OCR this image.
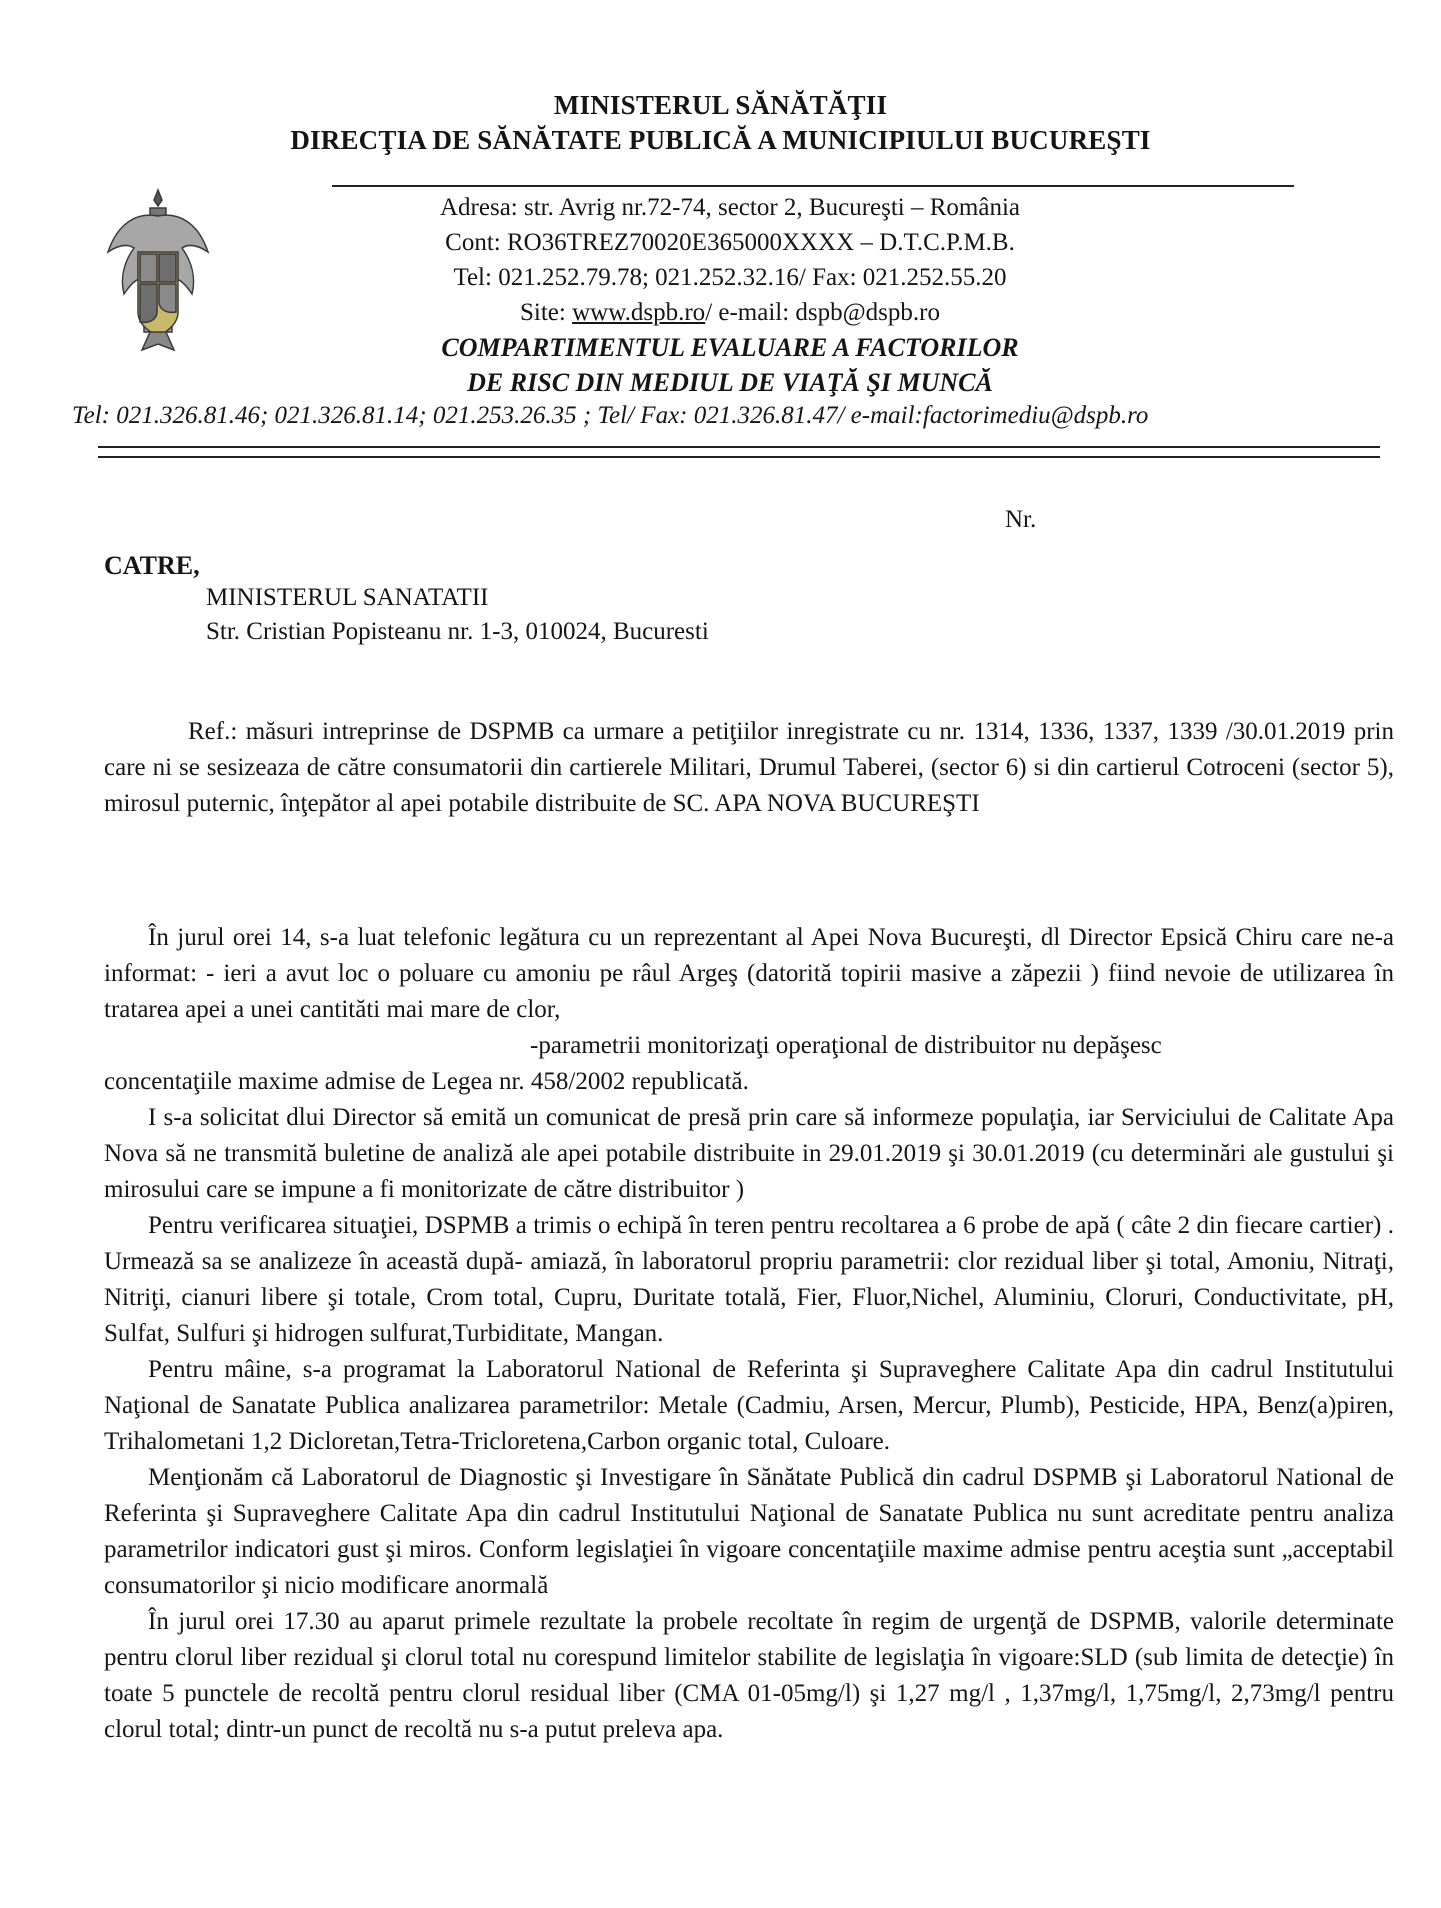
MINISTERUL SĂNĂTĂŢII
DIRECŢIA DE SĂNĂTATE PUBLICĂ A MUNICIPIULUI BUCUREŞTI
Adresa: str. Avrig nr.72-74, sector 2, Bucureşti – România
Cont: RO36TREZ70020E365000XXXX – D.T.C.P.M.B.
Tel: 021.252.79.78; 021.252.32.16/ Fax: 021.252.55.20
Site: www.dspb.ro/ e-mail: dspb@dspb.ro
COMPARTIMENTUL EVALUARE A FACTORILOR
DE RISC DIN MEDIUL DE VIAŢĂ ŞI MUNCĂ
Tel: 021.326.81.46; 021.326.81.14; 021.253.26.35 ; Tel/ Fax: 021.326.81.47/ e-mail:factorimediu@dspb.ro
Nr.
CATRE,
MINISTERUL SANATATII
Str. Cristian Popisteanu nr. 1-3, 010024, Bucuresti

Ref.: măsuri intreprinse de DSPMB ca urmare a petiţiilor inregistrate cu nr. 1314, 1336, 1337, 1339 /30.01.2019 prin care ni se sesizeaza de către consumatorii din cartierele Militari, Drumul Taberei, (sector 6) si din cartierul Cotroceni (sector 5), mirosul puternic, înţepător al apei potabile distribuite de SC. APA NOVA BUCUREŞTI

În jurul orei 14, s-a luat telefonic legătura cu un reprezentant al Apei Nova Bucureşti, dl Director Epsică Chiru care ne-a informat: - ieri a avut loc o poluare cu amoniu pe râul Argeş (datorită topirii masive a zăpezii ) fiind nevoie de utilizarea în tratarea apei a unei cantităti mai mare de clor,

-parametrii monitorizaţi operaţional de distribuitor nu depăşesc

concentaţiile maxime admise de Legea nr. 458/2002 republicată.

I s-a solicitat dlui Director să emită un comunicat de presă prin care să informeze populaţia, iar Serviciului de Calitate Apa Nova să ne transmită buletine de analiză ale apei potabile distribuite in 29.01.2019 şi 30.01.2019 (cu determinări ale gustului şi mirosului care se impune a fi monitorizate de către distribuitor )

Pentru verificarea situaţiei, DSPMB a trimis o echipă în teren pentru recoltarea a 6 probe de apă ( câte 2 din fiecare cartier) . Urmează sa se analizeze în această după- amiază, în laboratorul propriu parametrii: clor rezidual liber şi total, Amoniu, Nitraţi, Nitriţi, cianuri libere şi totale, Crom total, Cupru, Duritate totală, Fier, Fluor,Nichel, Aluminiu, Cloruri, Conductivitate, pH, Sulfat, Sulfuri şi hidrogen sulfurat,Turbiditate, Mangan.

Pentru mâine, s-a programat la Laboratorul National de Referinta şi Supraveghere Calitate Apa din cadrul Institutului Naţional de Sanatate Publica analizarea parametrilor: Metale (Cadmiu, Arsen, Mercur, Plumb), Pesticide, HPA, Benz(a)piren, Trihalometani 1,2 Dicloretan,Tetra-Tricloretena,Carbon organic total, Culoare.

Menţionăm că Laboratorul de Diagnostic şi Investigare în Sănătate Publică din cadrul DSPMB şi Laboratorul National de Referinta şi Supraveghere Calitate Apa din cadrul Institutului Naţional de Sanatate Publica nu sunt acreditate pentru analiza parametrilor indicatori gust şi miros. Conform legislaţiei în vigoare concentaţiile maxime admise pentru aceştia sunt „acceptabil consumatorilor şi nicio modificare anormală

În jurul orei 17.30 au aparut primele rezultate la probele recoltate în regim de urgenţă de DSPMB, valorile determinate pentru clorul liber rezidual şi clorul total nu corespund limitelor stabilite de legislaţia în vigoare:SLD (sub limita de detecţie) în toate 5 punctele de recoltă pentru clorul residual liber (CMA 01-05mg/l) şi 1,27 mg/l , 1,37mg/l, 1,75mg/l, 2,73mg/l pentru clorul total; dintr-un punct de recoltă nu s-a putut preleva apa.
